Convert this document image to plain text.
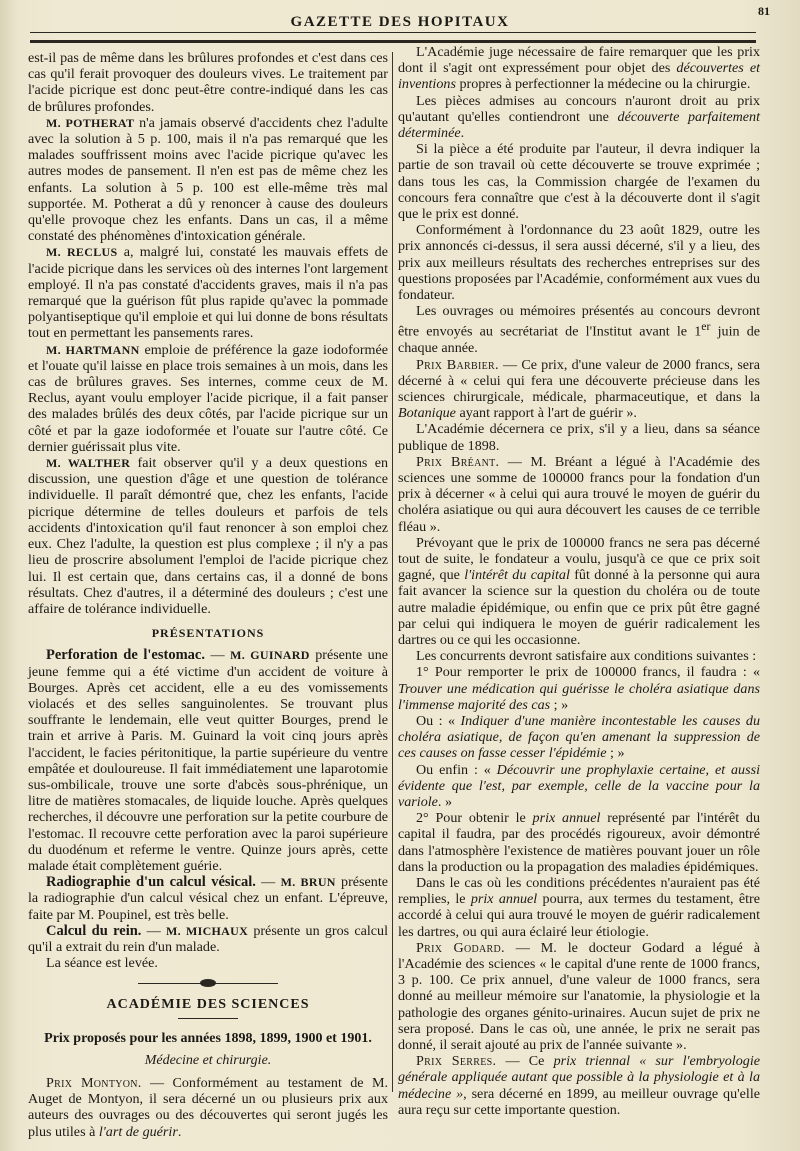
GAZETTE DES HOPITAUX
81

est-il pas de même dans les brûlures profondes et c'est dans ces cas qu'il ferait provoquer des douleurs vives. Le traitement par l'acide picrique est donc peut-être contre-indiqué dans les cas de brûlures profondes.

M. POTHERAT n'a jamais observé d'accidents chez l'adulte avec la solution à 5 p. 100, mais il n'a pas remarqué que les malades souffrissent moins avec l'acide picrique qu'avec les autres modes de pansement. Il n'en est pas de même chez les enfants. La solution à 5 p. 100 est elle-même très mal supportée. M. Potherat a dû y renoncer à cause des douleurs qu'elle provoque chez les enfants. Dans un cas, il a même constaté des phénomènes d'intoxication générale.

M. RECLUS a, malgré lui, constaté les mauvais effets de l'acide picrique dans les services où des internes l'ont largement employé. Il n'a pas constaté d'accidents graves, mais il n'a pas remarqué que la guérison fût plus rapide qu'avec la pommade polyantiseptique qu'il emploie et qui lui donne de bons résultats tout en permettant les pansements rares.

M. HARTMANN emploie de préférence la gaze iodoformée et l'ouate qu'il laisse en place trois semaines à un mois, dans les cas de brûlures graves. Ses internes, comme ceux de M. Reclus, ayant voulu employer l'acide picrique, il a fait panser des malades brûlés des deux côtés, par l'acide picrique sur un côté et par la gaze iodoformée et l'ouate sur l'autre côté. Ce dernier guérissait plus vite.

M. WALTHER fait observer qu'il y a deux questions en discussion, une question d'âge et une question de tolérance individuelle. Il paraît démontré que, chez les enfants, l'acide picrique détermine de telles douleurs et parfois de tels accidents d'intoxication qu'il faut renoncer à son emploi chez eux. Chez l'adulte, la question est plus complexe ; il n'y a pas lieu de proscrire absolument l'emploi de l'acide picrique chez lui. Il est certain que, dans certains cas, il a donné de bons résultats. Chez d'autres, il a déterminé des douleurs ; c'est une affaire de tolérance individuelle.

PRÉSENTATIONS

Perforation de l'estomac. — M. GUINARD présente une jeune femme qui a été victime d'un accident de voiture à Bourges. Après cet accident, elle a eu des vomissements violacés et des selles sanguinolentes. Se trouvant plus souffrante le lendemain, elle veut quitter Bourges, prend le train et arrive à Paris. M. Guinard la voit cinq jours après l'accident, le facies péritonitique, la partie supérieure du ventre empâtée et douloureuse. Il fait immédiatement une laparotomie sus-ombilicale, trouve une sorte d'abcès sous-phrénique, un litre de matières stomacales, de liquide louche. Après quelques recherches, il découvre une perforation sur la petite courbure de l'estomac. Il recouvre cette perforation avec la paroi supérieure du duodénum et referme le ventre. Quinze jours après, cette malade était complètement guérie.

Radiographie d'un calcul vésical. — M. BRUN présente la radiographie d'un calcul vésical chez un enfant. L'épreuve, faite par M. Poupinel, est très belle.

Calcul du rein. — M. MICHAUX présente un gros calcul qu'il a extrait du rein d'un malade.

La séance est levée.

ACADÉMIE DES SCIENCES
Prix proposés pour les années 1898, 1899, 1900 et 1901.
Médecine et chirurgie.

Prix Montyon. — Conformément au testament de M. Auget de Montyon, il sera décerné un ou plusieurs prix aux auteurs des ouvrages ou des découvertes qui seront jugés les plus utiles à l'art de guérir.

L'Académie juge nécessaire de faire remarquer que les prix dont il s'agit ont expressément pour objet des découvertes et inventions propres à perfectionner la médecine ou la chirurgie.

Les pièces admises au concours n'auront droit au prix qu'autant qu'elles contiendront une découverte parfaitement déterminée.

Si la pièce a été produite par l'auteur, il devra indiquer la partie de son travail où cette découverte se trouve exprimée ; dans tous les cas, la Commission chargée de l'examen du concours fera connaître que c'est à la découverte dont il s'agit que le prix est donné.

Conformément à l'ordonnance du 23 août 1829, outre les prix annoncés ci-dessus, il sera aussi décerné, s'il y a lieu, des prix aux meilleurs résultats des recherches entreprises sur des questions proposées par l'Académie, conformément aux vues du fondateur.

Les ouvrages ou mémoires présentés au concours devront être envoyés au secrétariat de l'Institut avant le 1er juin de chaque année.

Prix Barbier. — Ce prix, d'une valeur de 2000 francs, sera décerné à « celui qui fera une découverte précieuse dans les sciences chirurgicale, médicale, pharmaceutique, et dans la Botanique ayant rapport à l'art de guérir ».

L'Académie décernera ce prix, s'il y a lieu, dans sa séance publique de 1898.

Prix Bréant. — M. Bréant a légué à l'Académie des sciences une somme de 100000 francs pour la fondation d'un prix à décerner « à celui qui aura trouvé le moyen de guérir du choléra asiatique ou qui aura découvert les causes de ce terrible fléau ».

Prévoyant que le prix de 100000 francs ne sera pas décerné tout de suite, le fondateur a voulu, jusqu'à ce que ce prix soit gagné, que l'intérêt du capital fût donné à la personne qui aura fait avancer la science sur la question du choléra ou de toute autre maladie épidémique, ou enfin que ce prix pût être gagné par celui qui indiquera le moyen de guérir radicalement les dartres ou ce qui les occasionne.

Les concurrents devront satisfaire aux conditions suivantes :

1° Pour remporter le prix de 100000 francs, il faudra : « Trouver une médication qui guérisse le choléra asiatique dans l'immense majorité des cas ; »

Ou : « Indiquer d'une manière incontestable les causes du choléra asiatique, de façon qu'en amenant la suppression de ces causes on fasse cesser l'épidémie ; »

Ou enfin : « Découvrir une prophylaxie certaine, et aussi évidente que l'est, par exemple, celle de la vaccine pour la variole. »

2° Pour obtenir le prix annuel représenté par l'intérêt du capital il faudra, par des procédés rigoureux, avoir démontré dans l'atmosphère l'existence de matières pouvant jouer un rôle dans la production ou la propagation des maladies épidémiques.

Dans le cas où les conditions précédentes n'auraient pas été remplies, le prix annuel pourra, aux termes du testament, être accordé à celui qui aura trouvé le moyen de guérir radicalement les dartres, ou qui aura éclairé leur étiologie.

Prix Godard. — M. le docteur Godard a légué à l'Académie des sciences « le capital d'une rente de 1000 francs, 3 p. 100. Ce prix annuel, d'une valeur de 1000 francs, sera donné au meilleur mémoire sur l'anatomie, la physiologie et la pathologie des organes génito-urinaires. Aucun sujet de prix ne sera proposé. Dans le cas où, une année, le prix ne serait pas donné, il serait ajouté au prix de l'année suivante ».

Prix Serres. — Ce prix triennal « sur l'embryologie générale appliquée autant que possible à la physiologie et à la médecine », sera décerné en 1899, au meilleur ouvrage qu'elle aura reçu sur cette importante question.
